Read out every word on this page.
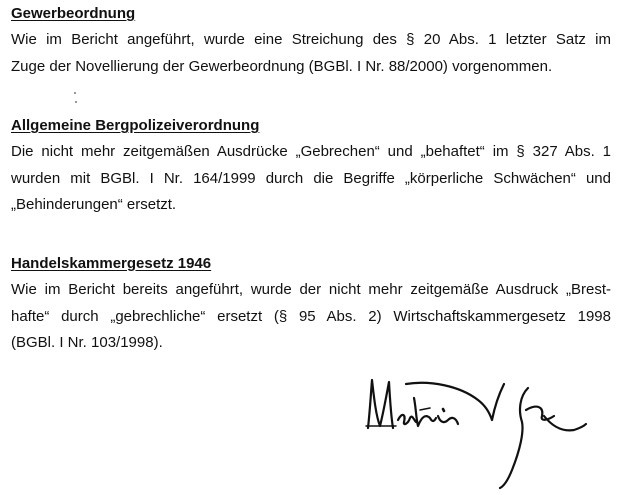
Gewerbeordnung

Wie im Bericht angeführt, wurde eine Streichung des § 20 Abs. 1 letzter Satz im
Zuge der Novellierung der Gewerbeordnung (BGBl. I Nr. 88/2000) vorgenommen.

Allgemeine Bergpolizeiverordnung

Die nicht mehr zeitgemäßen Ausdrücke „Gebrechen“ und „behaftet“ im § 327 Abs. 1
wurden mit BGBl. I Nr. 164/1999 durch die Begriffe „körperliche Schwächen“ und
„Behinderungen“ ersetzt.

Handelskammergesetz 1946

Wie im Bericht bereits angeführt, wurde der nicht mehr zeitgemäße Ausdruck „Brest-
hafte“ durch „gebrechliche“ ersetzt (§ 95 Abs. 2) Wirtschaftskammergesetz 1998
(BGBl. I Nr. 103/1998).
